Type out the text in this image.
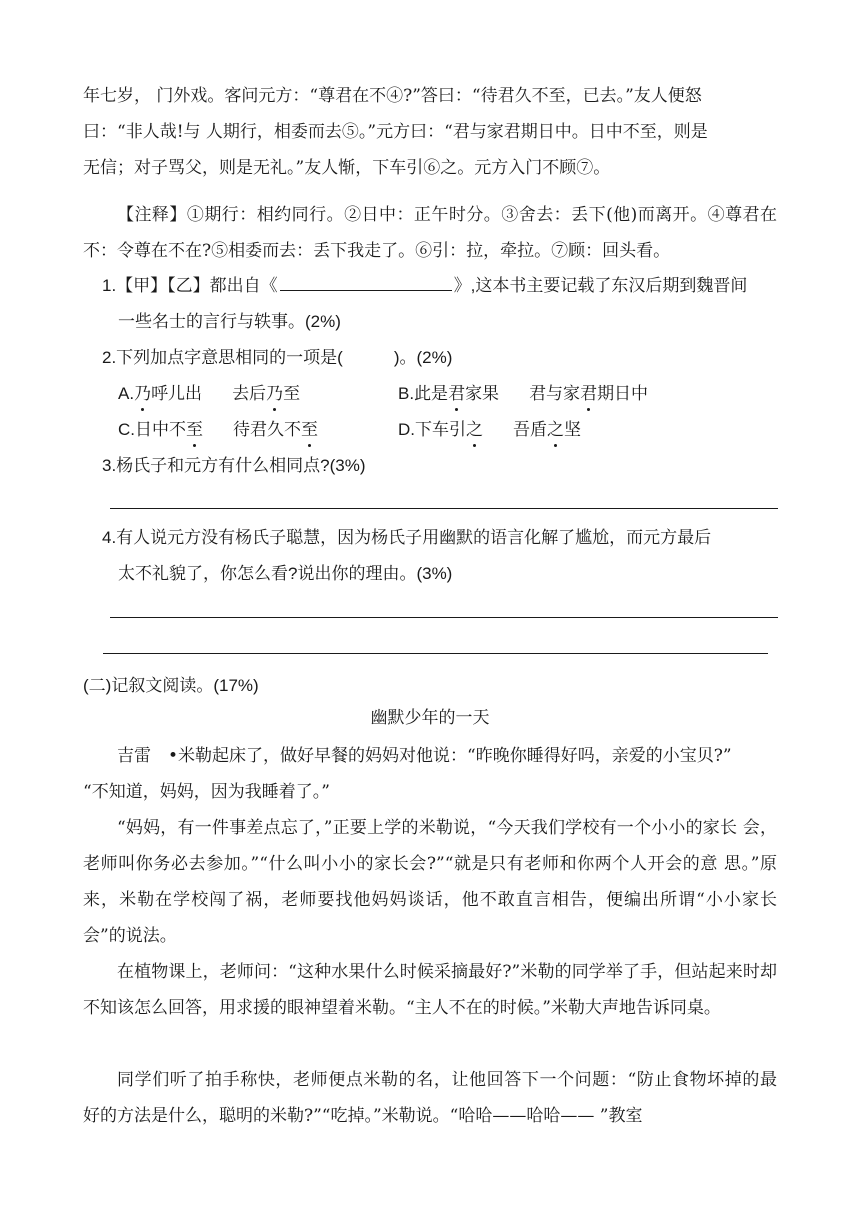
年七岁， 门外戏。客问元方：“尊君在不④?”答曰：“待君久不至，已去。”友人便怒

曰：“非人哉!与 人期行，相委而去⑤。”元方曰：“君与家君期日中。日中不至，则是

无信；对子骂父，则是无礼。”友人惭，下车引⑥之。元方入门不顾⑦。

【注释】①期行：相约同行。②日中：正午时分。③舍去：丢下(他)而离开。④尊君在不：令尊在不在?⑤相委而去：丢下我走了。⑥引：拉，牵拉。⑦顾：回头看。

1.【甲】【乙】都出自《	》,这本书主要记载了东汉后期到魏晋间

一些名士的言行与轶事。(2%)

2.下列加点字意思相同的一项是(　　　)。(2%)

A.乃呼儿出 去后乃至	B.此是君家果 君与家君期日中
C.日中不至 待君久不至	D.下车引之 吾盾之坚

3.杨氏子和元方有什么相同点?(3%)

4.有人说元方没有杨氏子聪慧，因为杨氏子用幽默的语言化解了尴尬，而元方最后

太不礼貌了，你怎么看?说出你的理由。(3%)

(二)记叙文阅读。(17%)

幽默少年的一天

吉雷　•米勒起床了，做好早餐的妈妈对他说：“昨晚你睡得好吗，亲爱的小宝贝?”

“不知道，妈妈，因为我睡着了。”

“妈妈，有一件事差点忘了，”正要上学的米勒说，“今天我们学校有一个小小的家长 会，老师叫你务必去参加。”“什么叫小小的家长会?”“就是只有老师和你两个人开会的意 思。”原来，米勒在学校闯了祸，老师要找他妈妈谈话，他不敢直言相告，便编出所谓“小小家长会”的说法。

在植物课上，老师问：“这种水果什么时候采摘最好?”米勒的同学举了手，但站起来时却不知该怎么回答，用求援的眼神望着米勒。“主人不在的时候。”米勒大声地告诉同桌。

同学们听了拍手称快，老师便点米勒的名，让他回答下一个问题：“防止食物坏掉的最 好的方法是什么，聪明的米勒?”“吃掉。”米勒说。“哈哈——哈哈—— ”教室
